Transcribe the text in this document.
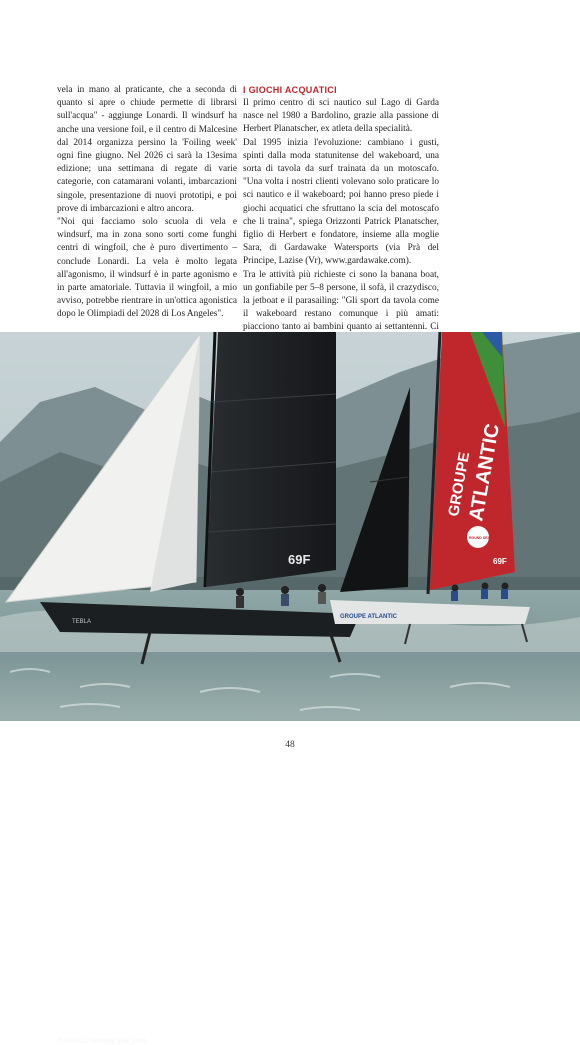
vela in mano al praticante, che a seconda di quanto si apre o chiude permette di librarsi sull'acqua" - aggiunge Lonardi. Il windsurf ha anche una versione foil, e il centro di Malcesine dal 2014 organizza persino la 'Foiling week' ogni fine giugno. Nel 2026 ci sarà la 13esima edizione; una settimana di regate di varie categorie, con catamarani volanti, imbarcazioni singole, presentazione di nuovi prototipi, e poi prove di imbarcazioni e altro ancora.

"Noi qui facciamo solo scuola di vela e windsurf, ma in zona sono sorti come funghi centri di wingfoil, che è puro divertimento – conclude Lonardi. La vela è molto legata all'agonismo, il windsurf è in parte agonismo e in parte amatoriale. Tuttavia il wingfoil, a mio avviso, potrebbe rientrare in un'ottica agonistica dopo le Olimpiadi del 2028 di Los Angeles".

I GIOCHI ACQUATICI

Il primo centro di sci nautico sul Lago di Garda nasce nel 1980 a Bardolino, grazie alla passione di Herbert Planatscher, ex atleta della specialità.

Dal 1995 inizia l'evoluzione: cambiano i gusti, spinti dalla moda statunitense del wakeboard, una sorta di tavola da surf trainata da un motoscafo. "Una volta i nostri clienti volevano solo praticare lo sci nautico e il wakeboard; poi hanno preso piede i giochi acquatici che sfruttano la scia del motoscafo che li traina", spiega Orizzonti Patrick Planatscher, figlio di Herbert e fondatore, insieme alla moglie Sara, di Gardawake Watersports (via Prà del Principe, Lazise (Vr), www.gardawake.com).

Tra le attività più richieste ci sono la banana boat, un gonfiabile per 5–8 persone, il sofà, il crazydisco, la jetboat e il parasailing: "Gli sport da tavola come il wakeboard restano comunque i più amati: piacciono tanto ai bambini quanto ai settantenni. Ci

69F
TEBLA
GROUPE
ATLANTIC
ROUND SEATS
69F
GROUPE ATLANTIC
© ANGELATRAWOEGER_FVM
48
